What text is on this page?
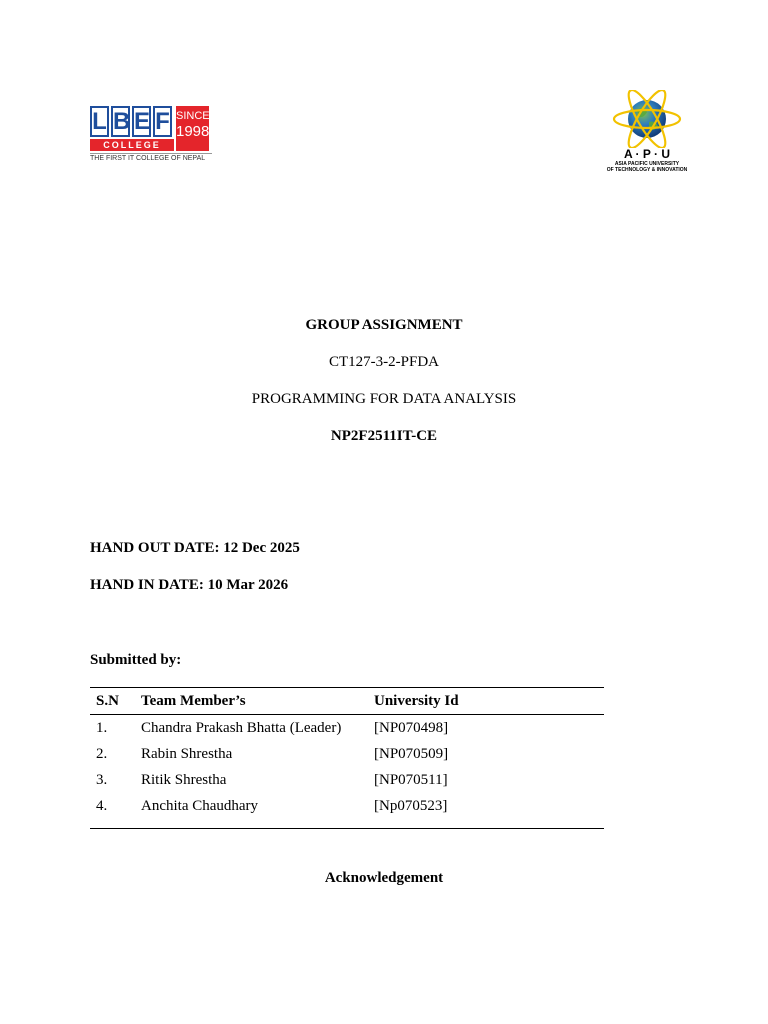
L B E F SINCE
1998
COLLEGE
THE FIRST IT COLLEGE OF NEPAL	A · P · U
ASIA PACIFIC UNIVERSITY
OF TECHNOLOGY & INNOVATION
GROUP ASSIGNMENT
CT127-3-2-PFDA
PROGRAMMING FOR DATA ANALYSIS
NP2F2511IT-CE
HAND OUT DATE: 12 Dec 2025
HAND IN DATE: 10 Mar 2026
Submitted by:
S.N	Team Member’s	University Id
1.	Chandra Prakash Bhatta (Leader)	[NP070498]
2.	Rabin Shrestha	[NP070509]
3.	Ritik Shrestha	[NP070511]
4.	Anchita Chaudhary	[Np070523]
Acknowledgement
